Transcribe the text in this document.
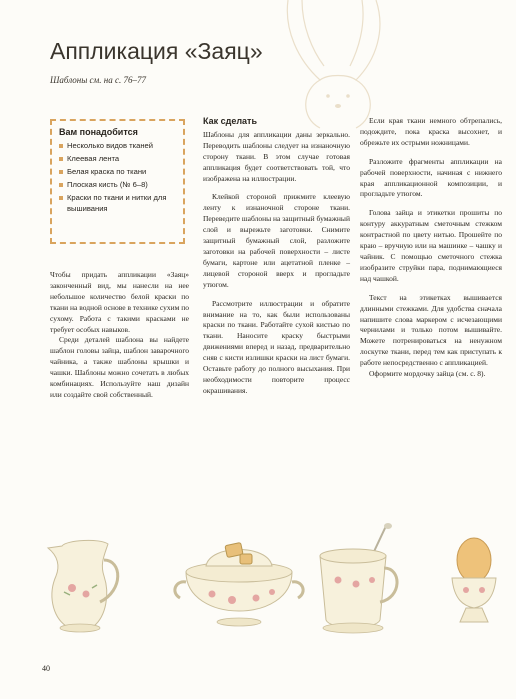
Аппликация «Заяц»
Шаблоны см. на с. 76–77
Вам понадобится
Несколько видов тканей
Клеевая лента
Белая краска по ткани
Плоская кисть (№ 6–8)
Краски по ткани и нитки для вышивания

Чтобы придать аппликации «Заяц» законченный вид, мы нанесли на нее небольшое количество белой краски по ткани на водной основе в технике сухим по сухому. Работа с такими красками не требует особых навыков.

Среди деталей шаблона вы найдете шаблон головы зайца, шаблон заварочного чайника, а также шаблоны крышки и чашки. Шаблоны можно сочетать в любых комбинациях. Используйте наш дизайн или создайте свой собственный.

Как сделать

Шаблоны для аппликации даны зеркально. Переводить шаблоны следует на изнаночную сторону ткани. В этом случае готовая аппликация будет соответствовать той, что изображена на иллюстрации.

Клейкой стороной прижмите клеевую ленту к изнаночной стороне ткани. Переведите шаблоны на защитный бумажный слой и вырежьте заготовки. Снимите защитный бумажный слой, разложите заготовки на рабочей поверхности – листе бумаги, картоне или ацетатной пленке – лицевой стороной вверх и прогладьте утюгом.

Рассмотрите иллюстрации и обратите внимание на то, как были использованы краски по ткани. Работайте сухой кистью по ткани. Наносите краску быстрыми движениями вперед и назад, предварительно сняв с кисти излишки краски на лист бумаги. Оставьте работу до полного высыхания. При необходимости повторите процесс окрашивания.

Если края ткани немного обтрепались, подождите, пока краска высохнет, и обрежьте их острыми ножницами.

Разложите фрагменты аппликации на рабочей поверхности, начиная с нижнего края аппликационной композиции, и прогладьте утюгом.

Голова зайца и этикетки прошиты по контуру аккуратным сметочным стежком контрастной по цвету нитью. Прошейте по краю – вручную или на машинке – чашку и чайник. С помощью сметочного стежка изобразите струйки пара, поднимающиеся над чашкой.

Текст на этикетках вышивается длинными стежками. Для удобства сначала напишите слова маркером с исчезающими чернилами и только потом вышивайте. Можете потренироваться на ненужном лоскутке ткани, перед тем как приступать к работе непосредственно с аппликацией.

Оформите мордочку зайца (см. с. 8).

40
